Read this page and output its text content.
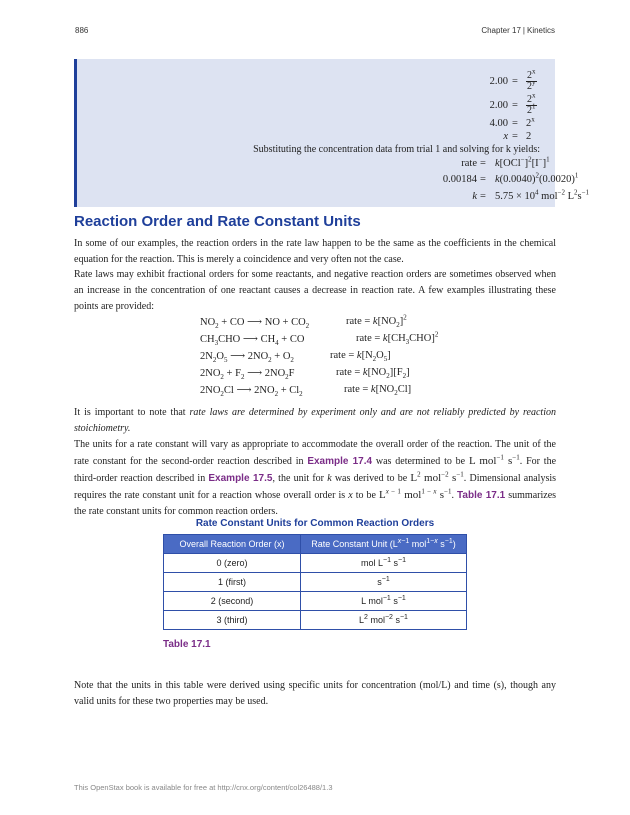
886	Chapter 17 | Kinetics
$2.00 = \frac{2^x}{2^y}$
$2.00 = \frac{2^x}{2^1}$
$4.00 = 2^x$
x = 2
Substituting the concentration data from trial 1 and solving for k yields:
rate = $k[OCl^-]^2[I^-]^1$
$0.00184 = k(0.0040)^2(0.0020)^1$
$k = 5.75 \times 10^4$ mol$^{-2}$ $L^2s^{-1}$
Reaction Order and Rate Constant Units

In some of our examples, the reaction orders in the rate law happen to be the same as the coefficients in the chemical equation for the reaction. This is merely a coincidence and very often not the case.

Rate laws may exhibit fractional orders for some reactants, and negative reaction orders are sometimes observed when an increase in the concentration of one reactant causes a decrease in reaction rate. A few examples illustrating these points are provided:

$NO_2$ + CO ⟶ NO + $CO_2$	rate = $k[NO_2]^2$
$CH_3CHO$ ⟶ $CH_4$ + CO	rate = $k[CH_3CHO]^2$
$2N_2O_5$ ⟶ $2NO_2 + O_2$	rate = $k[N_2O_5]$
$2NO_2 + F_2$ ⟶ $2NO_2F$	rate = $k[NO_2][F_2]$
$2NO_2Cl$ ⟶ $2NO_2 + Cl_2$	rate = $k[NO_2Cl]$

It is important to note that rate laws are determined by experiment only and are not reliably predicted by reaction stoichiometry.

The units for a rate constant will vary as appropriate to accommodate the overall order of the reaction. The unit of the rate constant for the second-order reaction described in Example 17.4 was determined to be L mol$^{-1}$ $s^{-1}$. For the third-order reaction described in Example 17.5, the unit for k was derived to be $L^2$ mol$^{-2}$ $s^{-1}$. Dimensional analysis requires the rate constant unit for a reaction whose overall order is x to be $L^{x - 1}$ mol$^{1 - x}$ $s^{-1}$. Table 17.1 summarizes the rate constant units for common reaction orders.

Rate Constant Units for Common Reaction Orders
Overall Reaction Order (x)	Rate Constant Unit ($L^{x-1}$ mol$^{1-x}$ $s^{-1}$)
0 (zero)	mol $L^{-1}$ $s^{-1}$
1 (first)	$s^{-1}$
2 (second)	L mol$^{-1}$ $s^{-1}$
3 (third)	$L^2$ mol$^{-2}$ $s^{-1}$
Table 17.1

Note that the units in this table were derived using specific units for concentration (mol/L) and time (s), though any valid units for these two properties may be used.

This OpenStax book is available for free at http://cnx.org/content/col26488/1.3
